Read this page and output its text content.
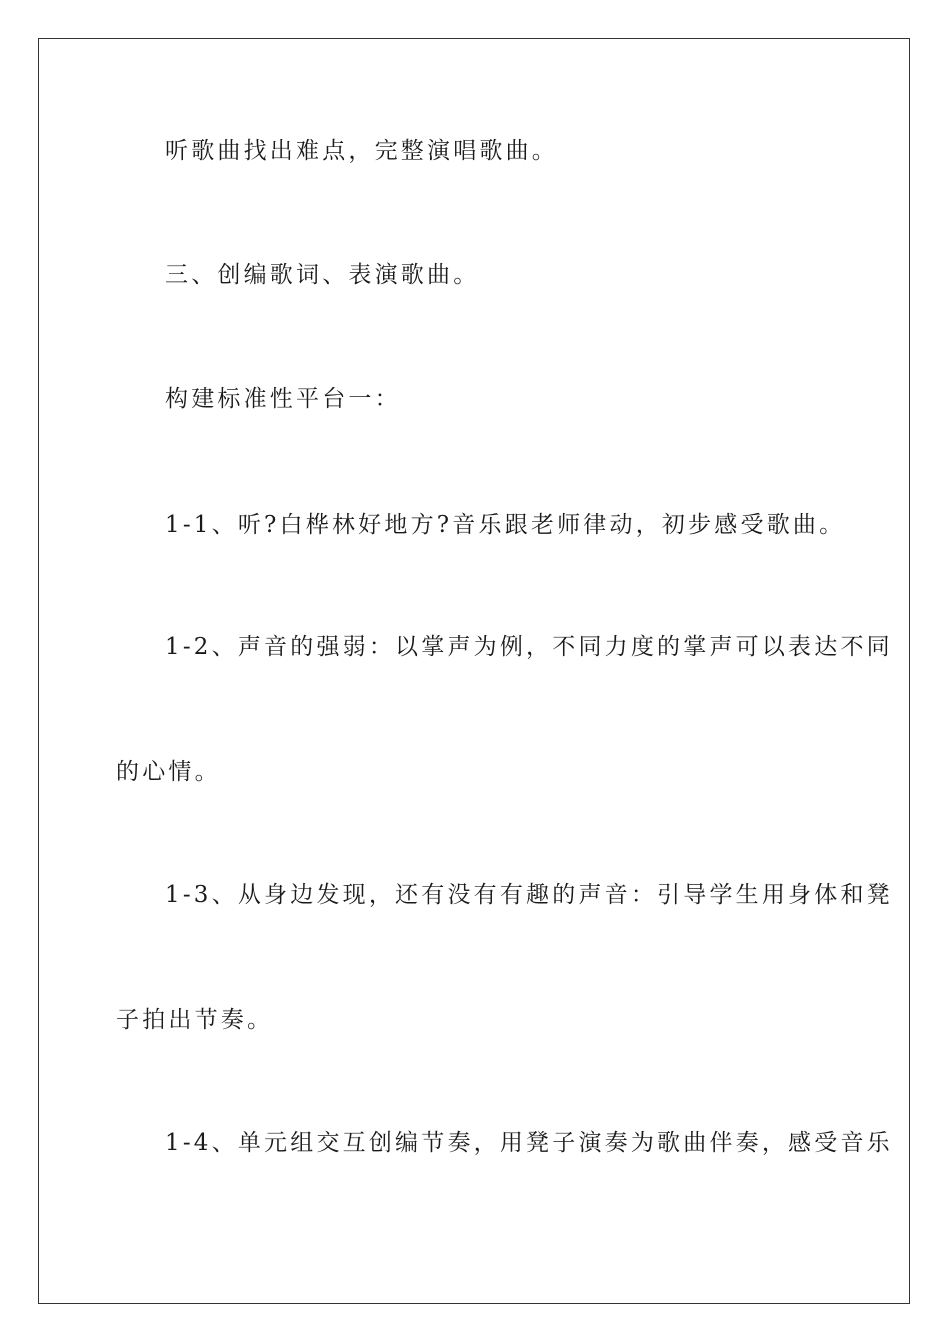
听歌曲找出难点，完整演唱歌曲。
三、创编歌词、表演歌曲。
构建标准性平台一：
1-1、听?白桦林好地方?音乐跟老师律动，初步感受歌曲。
1-2、声音的强弱：以掌声为例，不同力度的掌声可以表达不同
的心情。
1-3、从身边发现，还有没有有趣的声音：引导学生用身体和凳
子拍出节奏。
1-4、单元组交互创编节奏，用凳子演奏为歌曲伴奏，感受音乐
